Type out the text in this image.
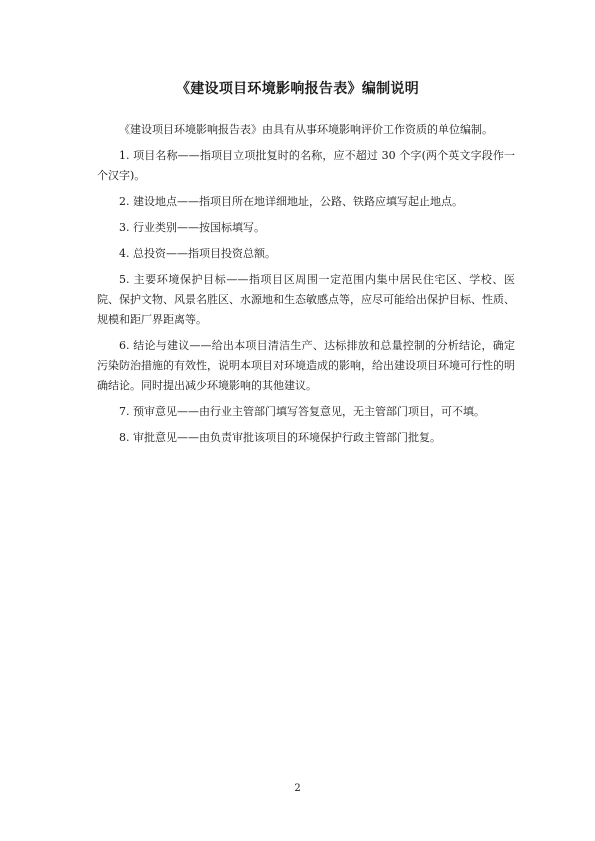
《建设项目环境影响报告表》编制说明

《建设项目环境影响报告表》由具有从事环境影响评价工作资质的单位编制。

1. 项目名称——指项目立项批复时的名称，应不超过 30 个字(两个英文字段作一个汉字)。

2. 建设地点——指项目所在地详细地址，公路、铁路应填写起止地点。

3. 行业类别——按国标填写。

4. 总投资——指项目投资总额。

5. 主要环境保护目标——指项目区周围一定范围内集中居民住宅区、学校、医院、保护文物、风景名胜区、水源地和生态敏感点等，应尽可能给出保护目标、性质、规模和距厂界距离等。

6. 结论与建议——给出本项目清洁生产、达标排放和总量控制的分析结论，确定污染防治措施的有效性，说明本项目对环境造成的影响，给出建设项目环境可行性的明确结论。同时提出减少环境影响的其他建议。

7. 预审意见——由行业主管部门填写答复意见，无主管部门项目，可不填。

8. 审批意见——由负责审批该项目的环境保护行政主管部门批复。

2
